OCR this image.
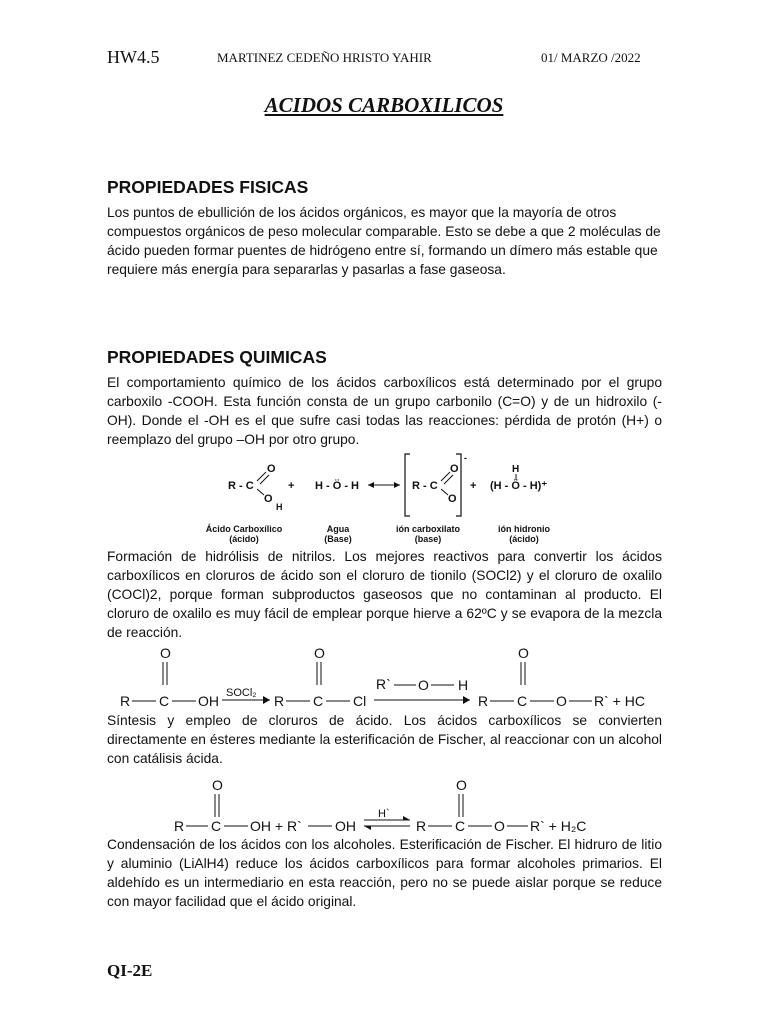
HW4.5	MARTINEZ CEDEÑO HRISTO YAHIR	01/ MARZO /2022
ACIDOS CARBOXILICOS
PROPIEDADES FISICAS

Los puntos de ebullición de los ácidos orgánicos, es mayor que la mayoría de otros compuestos orgánicos de peso molecular comparable. Esto se debe a que 2 moléculas de ácido pueden formar puentes de hidrógeno entre sí, formando un dímero más estable que requiere más energía para separarlas y pasarlas a fase gaseosa.

PROPIEDADES QUIMICAS

El comportamiento químico de los ácidos carboxílicos está determinado por el grupo carboxilo -COOH. Esta función consta de un grupo carbonilo (C=O) y de un hidroxilo (-OH). Donde el -OH es el que sufre casi todas las reacciones: pérdida de protón (H+) o reemplazo del grupo –OH por otro grupo.

R - C
O
O
H
+ H - Ö - H	R - C
O
O
-
+
H
(H - Ö - H)⁺
Ácido Carboxílico
(ácido)
Agua
(Base)
ión carboxilato
(base)
ión hidronio
(ácido)

Formación de hidrólisis de nitrilos. Los mejores reactivos para convertir los ácidos carboxílicos en cloruros de ácido son el cloruro de tionilo (SOCl2) y el cloruro de oxalilo (COCl)2, porque forman subproductos gaseosos que no contaminan al producto. El cloruro de oxalilo es muy fácil de emplear porque hierve a 62ºC y se evapora de la mezcla de reacción.

O
R C OH SOCl₂ R
O
C Cl
R` O H
R
O
C O R` + HC

Síntesis y empleo de cloruros de ácido. Los ácidos carboxílicos se convierten directamente en ésteres mediante la esterificación de Fischer, al reaccionar con un alcohol con catálisis ácida.

O
R C OH + R` OH
H`
R
O
C O R` + H₂C

Condensación de los ácidos con los alcoholes. Esterificación de Fischer. El hidruro de litio y aluminio (LiAlH4) reduce los ácidos carboxílicos para formar alcoholes primarios. El aldehído es un intermediario en esta reacción, pero no se puede aislar porque se reduce con mayor facilidad que el ácido original.

QI-2E
